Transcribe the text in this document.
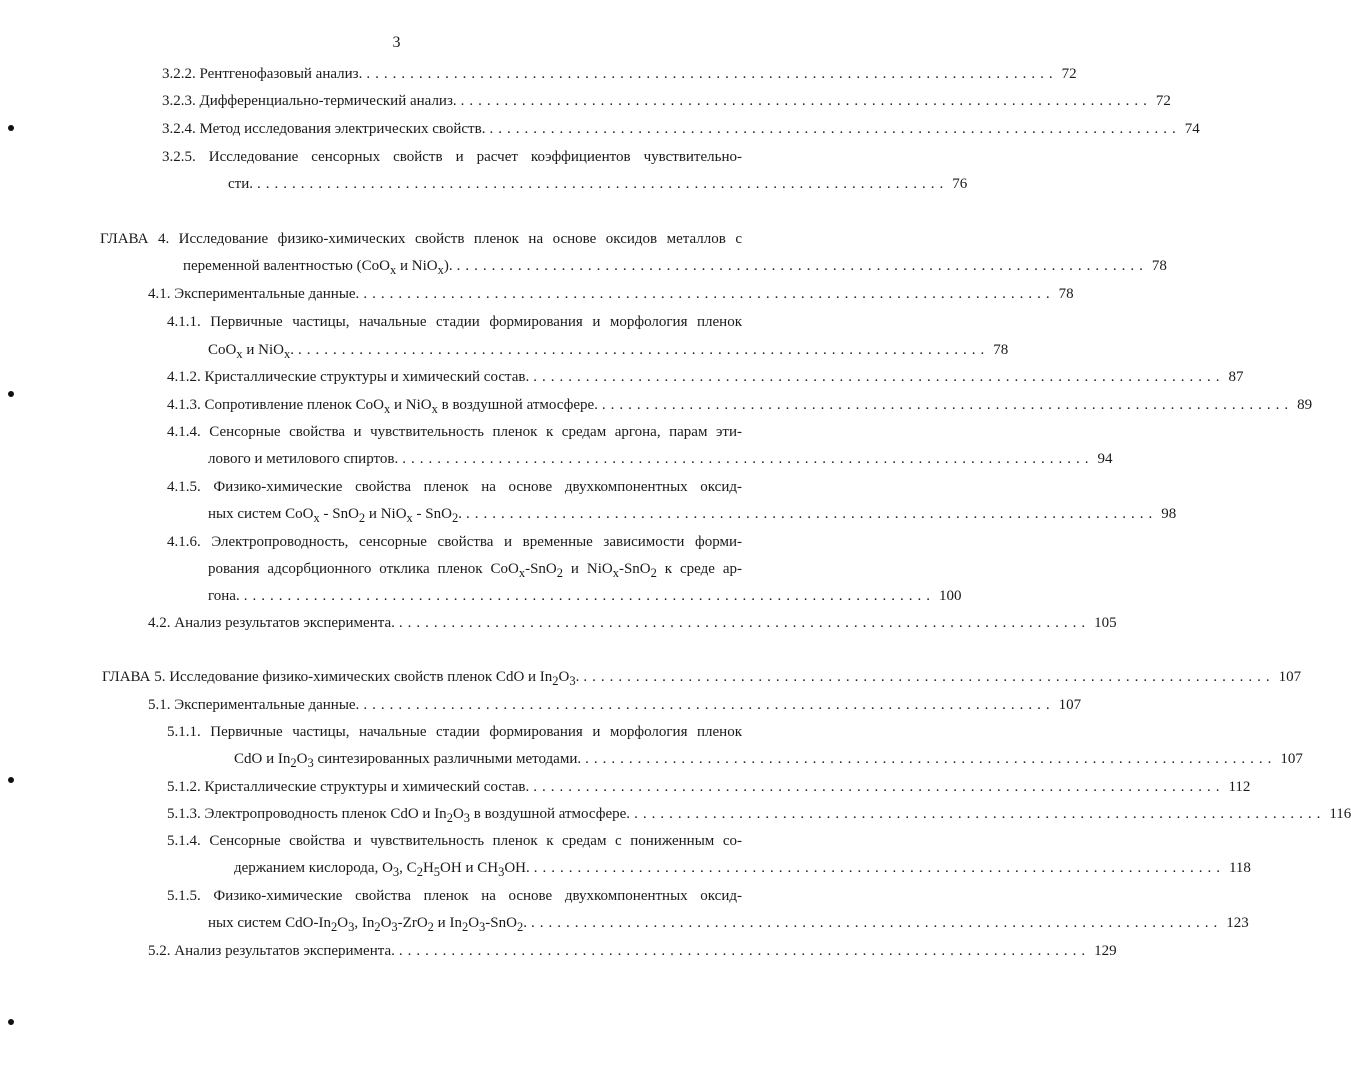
3
3.2.2. Рентгенофазовый анализ. ............................................................................... 72
3.2.3. Дифференциально-термический анализ. ............................................................................... 72
3.2.4. Метод исследования электрических свойств. ............................................................................... 74
3.2.5. Исследование сенсорных свойств и расчет коэффициентов чувствительно-
сти. ............................................................................... 76
ГЛАВА 4. Исследование физико-химических свойств пленок на основе оксидов металлов с
переменной валентностью (CoO$_x$ и NiO$_x$). ............................................................................... 78
4.1. Экспериментальные данные. ............................................................................... 78
4.1.1. Первичные частицы, начальные стадии формирования и морфология пленок
CoO$_x$ и NiO$_x$. ............................................................................... 78
4.1.2. Кристаллические структуры и химический состав. ............................................................................... 87
4.1.3. Сопротивление пленок CoO$_x$ и NiO$_x$ в воздушной атмосфере. ............................................................................... 89
4.1.4. Сенсорные свойства и чувствительность пленок к средам аргона, парам эти-
лового и метилового спиртов. ............................................................................... 94
4.1.5. Физико-химические свойства пленок на основе двухкомпонентных оксид-
ных систем CoO$_x$ - SnO$_2$ и NiO$_x$ - SnO$_2$. ............................................................................... 98
4.1.6. Электропроводность, сенсорные свойства и временные зависимости форми-
рования адсорбционного отклика пленок CoO$_x$-SnO$_2$ и NiO$_x$-SnO$_2$ к среде ар-
гона. ............................................................................... 100
4.2. Анализ результатов эксперимента. ............................................................................... 105
ГЛАВА 5. Исследование физико-химических свойств пленок CdO и $In_2O_3$. ............................................................................... 107
5.1. Экспериментальные данные. ............................................................................... 107
5.1.1. Первичные частицы, начальные стадии формирования и морфология пленок
CdO и $In_2O_3$ синтезированных различными методами. ............................................................................... 107
5.1.2. Кристаллические структуры и химический состав. ............................................................................... 112
5.1.3. Электропроводность пленок CdO и $In_2O_3$ в воздушной атмосфере. ............................................................................... 116
5.1.4. Сенсорные свойства и чувствительность пленок к средам с пониженным со-
держанием кислорода, $O_3$, $C_2H_5OH$ и $CH_3OH$. ............................................................................... 118
5.1.5. Физико-химические свойства пленок на основе двухкомпонентных оксид-
ных систем CdO-$In_2O_3$, $In_2O_3-ZrO_2$ и $In_2O_3-SnO_2$. ............................................................................... 123
5.2. Анализ результатов эксперимента. ............................................................................... 129
